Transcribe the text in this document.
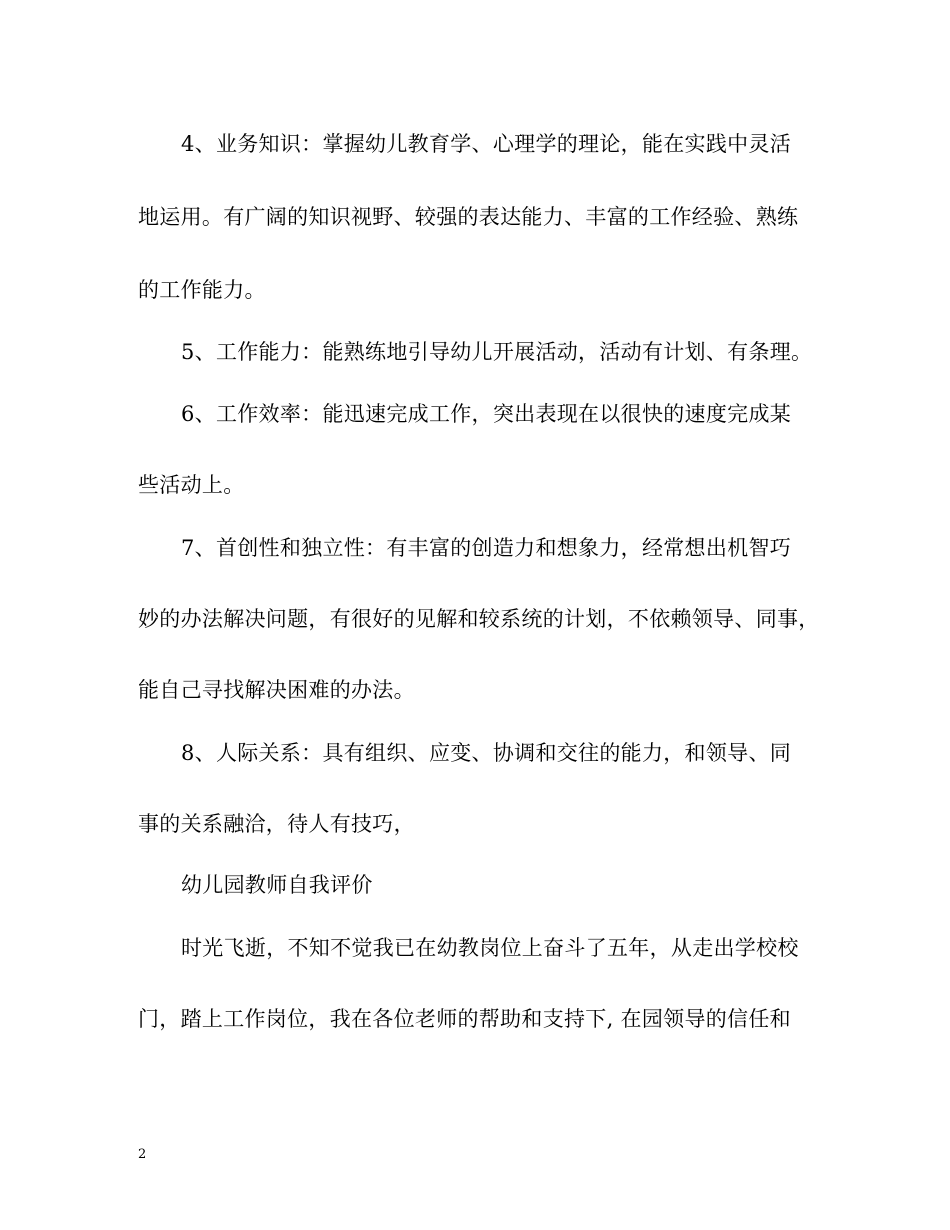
4、业务知识：掌握幼儿教育学、心理学的理论，能在实践中灵活
地运用。有广阔的知识视野、较强的表达能力、丰富的工作经验、熟练
的工作能力。
5、工作能力：能熟练地引导幼儿开展活动，活动有计划、有条理。
6、工作效率：能迅速完成工作，突出表现在以很快的速度完成某
些活动上。
7、首创性和独立性：有丰富的创造力和想象力，经常想出机智巧
妙的办法解决问题，有很好的见解和较系统的计划，不依赖领导、同事，
能自己寻找解决困难的办法。
8、人际关系：具有组织、应变、协调和交往的能力，和领导、同
事的关系融洽，待人有技巧，
幼儿园教师自我评价
时光飞逝，不知不觉我已在幼教岗位上奋斗了五年，从走出学校校
门，踏上工作岗位，我在各位老师的帮助和支持下, 在园领导的信任和
2
